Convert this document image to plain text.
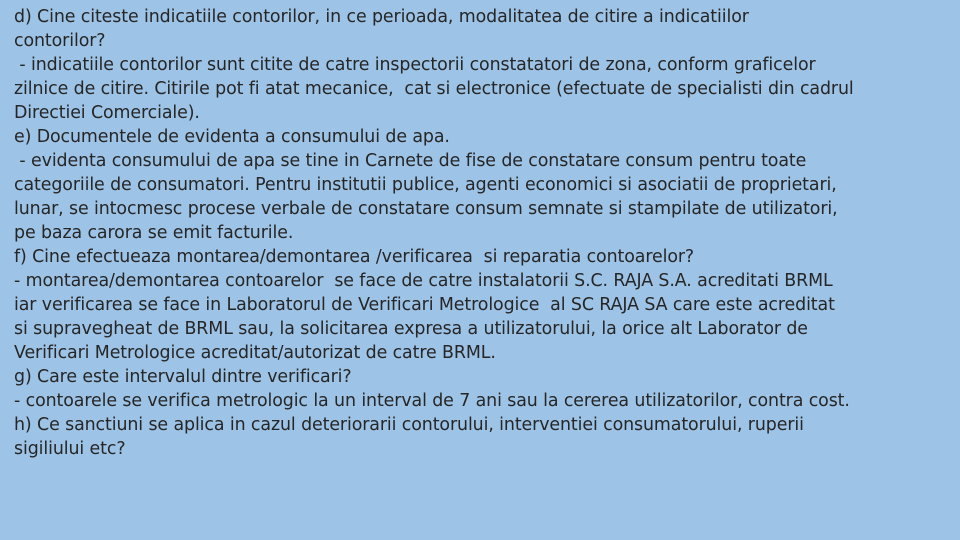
d) Cine citeste indicatiile contorilor, in ce perioada, modalitatea de citire a indicatiilor
contorilor?
- indicatiile contorilor sunt citite de catre inspectorii constatatori de zona, conform graficelor
zilnice de citire. Citirile pot fi atat mecanice,  cat si electronice (efectuate de specialisti din cadrul
Directiei Comerciale).
e) Documentele de evidenta a consumului de apa.
- evidenta consumului de apa se tine in Carnete de fise de constatare consum pentru toate
categoriile de consumatori. Pentru institutii publice, agenti economici si asociatii de proprietari,
lunar, se intocmesc procese verbale de constatare consum semnate si stampilate de utilizatori,
pe baza carora se emit facturile.
f) Cine efectueaza montarea/demontarea /verificarea  si reparatia contoarelor?
- montarea/demontarea contoarelor  se face de catre instalatorii S.C. RAJA S.A. acreditati BRML
iar verificarea se face in Laboratorul de Verificari Metrologice  al SC RAJA SA care este acreditat
si supravegheat de BRML sau, la solicitarea expresa a utilizatorului, la orice alt Laborator de
Verificari Metrologice acreditat/autorizat de catre BRML.
g) Care este intervalul dintre verificari?
- contoarele se verifica metrologic la un interval de 7 ani sau la cererea utilizatorilor, contra cost.
h) Ce sanctiuni se aplica in cazul deteriorarii contorului, interventiei consumatorului, ruperii
sigiliului etc?
